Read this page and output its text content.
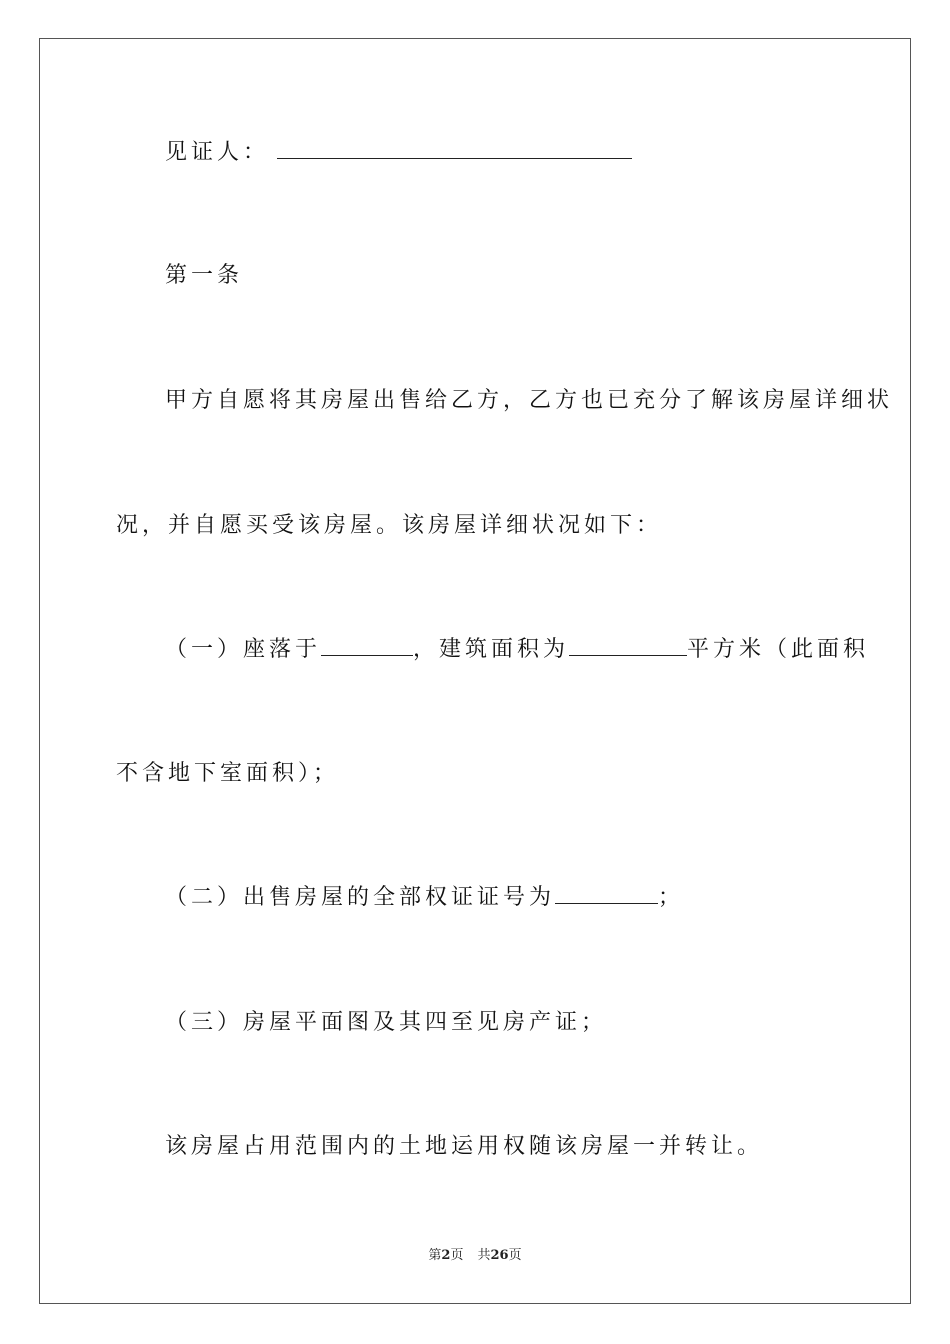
见证人：
第一条
甲方自愿将其房屋出售给乙方，乙方也已充分了解该房屋详细状
况，并自愿买受该房屋。该房屋详细状况如下：
（一）座落于	，建筑面积为	平方米（此面积
不含地下室面积）；
（二）出售房屋的全部权证证号为	；
（三）房屋平面图及其四至见房产证；
该房屋占用范围内的土地运用权随该房屋一并转让。
第2页 共26页
